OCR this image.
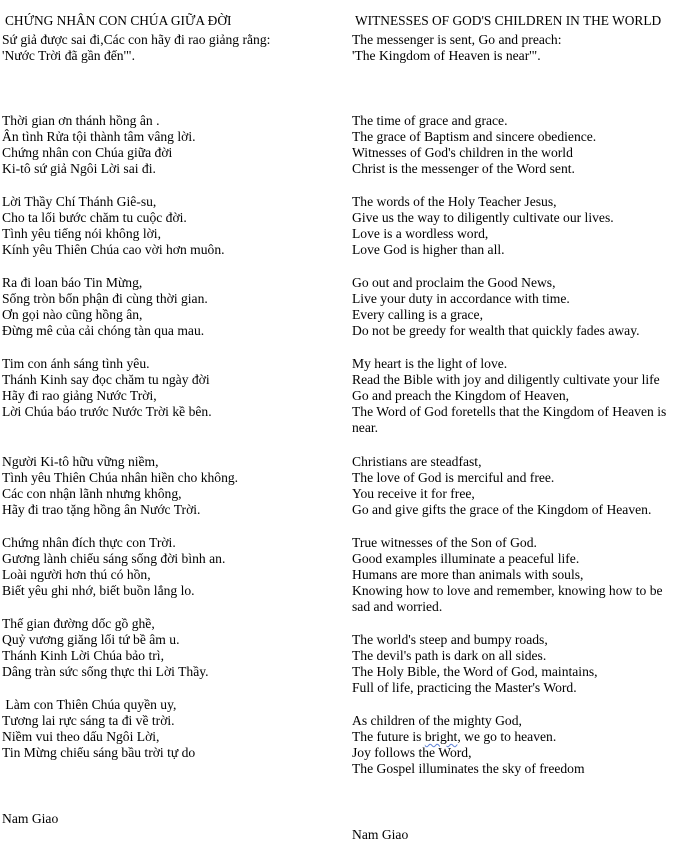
CHỨNG NHÂN CON CHÚA GIỮA ĐỜI
Sứ giả được sai đi,Các con hãy đi rao giảng rằng:
'Nước Trời đã gần đến'".
Thời gian ơn thánh hồng ân .
Ân tình Rửa tội thành tâm vâng lời.
Chứng nhân con Chúa giữa đời
Ki-tô sứ giả Ngôi Lời sai đi.
Lời Thầy Chí Thánh Giê-su,
Cho ta lối bước chăm tu cuộc đời.
Tình yêu tiếng nói không lời,
Kính yêu Thiên Chúa cao vời hơn muôn.
Ra đi loan báo Tin Mừng,
Sống tròn bổn phận đi cùng thời gian.
Ơn gọi nào cũng hồng ân,
Đừng mê của cải chóng tàn qua mau.
Tim con ánh sáng tình yêu.
Thánh Kinh say đọc chăm tu ngày đời
Hãy đi rao giảng Nước Trời,
Lời Chúa báo trước Nước Trời kề bên.
Người Ki-tô hữu vững niềm,
Tình yêu Thiên Chúa nhân hiền cho không.
Các con nhận lãnh nhưng không,
Hãy đi trao tặng hồng ân Nước Trời.
Chứng nhân đích thực con Trời.
Gương lành chiếu sáng sống đời bình an.
Loài người hơn thú có hồn,
Biết yêu ghi nhớ, biết buồn lắng lo.
Thế gian đường dốc gồ ghề,
Quỷ vương giăng lối tứ bề âm u.
Thánh Kinh Lời Chúa bảo trì,
Dâng tràn sức sống thực thi Lời Thầy.
Làm con Thiên Chúa quyền uy,
Tương lai rực sáng ta đi về trời.
Niềm vui theo dấu Ngôi Lời,
Tin Mừng chiếu sáng bầu trời tự do
Nam Giao
WITNESSES OF GOD'S CHILDREN IN THE WORLD
The messenger is sent, Go and preach:
'The Kingdom of Heaven is near'".
The time of grace and grace.
The grace of Baptism and sincere obedience.
Witnesses of God's children in the world
Christ is the messenger of the Word sent.
The words of the Holy Teacher Jesus,
Give us the way to diligently cultivate our lives.
Love is a wordless word,
Love God is higher than all.
Go out and proclaim the Good News,
Live your duty in accordance with time.
Every calling is a grace,
Do not be greedy for wealth that quickly fades away.
My heart is the light of love.
Read the Bible with joy and diligently cultivate your life
Go and preach the Kingdom of Heaven,
The Word of God foretells that the Kingdom of Heaven is near.
Christians are steadfast,
The love of God is merciful and free.
You receive it for free,
Go and give gifts the grace of the Kingdom of Heaven.
True witnesses of the Son of God.
Good examples illuminate a peaceful life.
Humans are more than animals with souls,
Knowing how to love and remember, knowing how to be sad and worried.
The world's steep and bumpy roads,
The devil's path is dark on all sides.
The Holy Bible, the Word of God, maintains,
Full of life, practicing the Master's Word.
As children of the mighty God,
The future is bright, we go to heaven.
Joy follows the Word,
The Gospel illuminates the sky of freedom
Nam Giao
